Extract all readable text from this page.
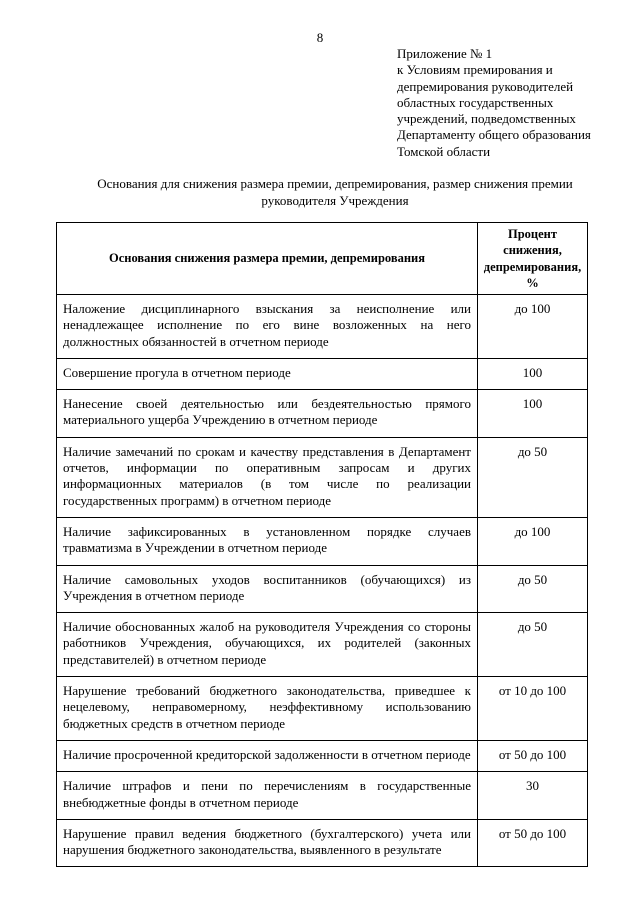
8
Приложение № 1
к Условиям премирования и
депремирования руководителей
областных государственных
учреждений, подведомственных
Департаменту общего образования
Томской области
Основания для снижения размера премии, депремирования, размер снижения премии
руководителя Учреждения
Основания снижения размера премии, депремирования	Процент снижения, депремирования, %
Наложение дисциплинарного взыскания за неисполнение или ненадлежащее исполнение по его вине возложенных на него должностных обязанностей в отчетном периоде	до 100
Совершение прогула в отчетном периоде	100
Нанесение своей деятельностью или бездеятельностью прямого материального ущерба Учреждению в отчетном периоде	100
Наличие замечаний по срокам и качеству представления в Департамент отчетов, информации по оперативным запросам и других информационных материалов (в том числе по реализации государственных программ) в отчетном периоде	до 50
Наличие зафиксированных в установленном порядке случаев травматизма в Учреждении в отчетном периоде	до 100
Наличие самовольных уходов воспитанников (обучающихся) из Учреждения в отчетном периоде	до 50
Наличие обоснованных жалоб на руководителя Учреждения со стороны работников Учреждения, обучающихся, их родителей (законных представителей) в отчетном периоде	до 50
Нарушение требований бюджетного законодательства, приведшее к нецелевому, неправомерному, неэффективному использованию бюджетных средств в отчетном периоде	от 10 до 100
Наличие просроченной кредиторской задолженности в отчетном периоде	от 50 до 100
Наличие штрафов и пени по перечислениям в государственные внебюджетные фонды в отчетном периоде	30
Нарушение правил ведения бюджетного (бухгалтерского) учета или нарушения бюджетного законодательства, выявленного в результате	от 50 до 100
